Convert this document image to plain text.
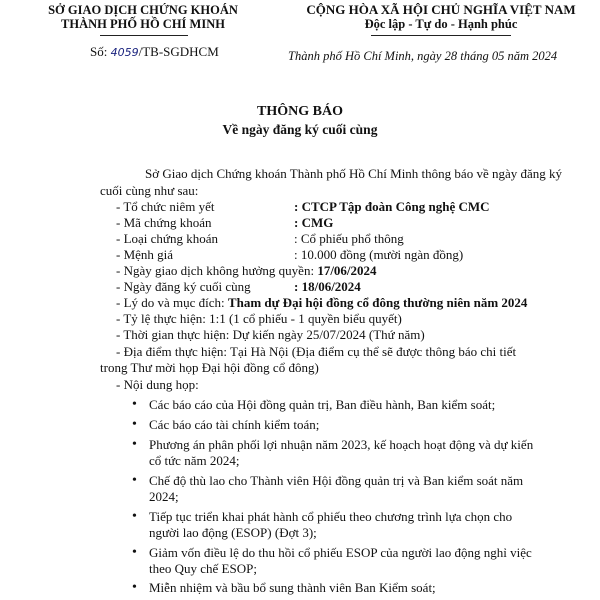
SỞ GIAO DỊCH CHỨNG KHOÁN
THÀNH PHỐ HỒ CHÍ MINH
Số: 4059/TB-SGDHCM
CỘNG HÒA XÃ HỘI CHỦ NGHĨA VIỆT NAM
Độc lập - Tự do - Hạnh phúc
Thành phố Hồ Chí Minh, ngày 28 tháng 05 năm 2024
THÔNG BÁO
Về ngày đăng ký cuối cùng
Sở Giao dịch Chứng khoán Thành phố Hồ Chí Minh thông báo về ngày đăng ký
cuối cùng như sau:
- Tổ chức niêm yết	: CTCP Tập đoàn Công nghệ CMC
- Mã chứng khoán	: CMG
- Loại chứng khoán	: Cổ phiếu phổ thông
- Mệnh giá	: 10.000 đồng (mười ngàn đồng)
- Ngày giao dịch không hưởng quyền: 17/06/2024
- Ngày đăng ký cuối cùng	: 18/06/2024
- Lý do và mục đích: Tham dự Đại hội đồng cổ đông thường niên năm 2024
- Tỷ lệ thực hiện: 1:1 (1 cổ phiếu - 1 quyền biểu quyết)
- Thời gian thực hiện: Dự kiến ngày 25/07/2024 (Thứ năm)
- Địa điểm thực hiện: Tại Hà Nội (Địa điểm cụ thể sẽ được thông báo chi tiết
trong Thư mời họp Đại hội đồng cổ đông)
- Nội dung họp:
• Các báo cáo của Hội đồng quản trị, Ban điều hành, Ban kiểm soát;
• Các báo cáo tài chính kiểm toán;
• Phương án phân phối lợi nhuận năm 2023, kế hoạch hoạt động và dự kiến
cổ tức năm 2024;
• Chế độ thù lao cho Thành viên Hội đồng quản trị và Ban kiểm soát năm
2024;
• Tiếp tục triển khai phát hành cổ phiếu theo chương trình lựa chọn cho
người lao động (ESOP) (Đợt 3);
• Giảm vốn điều lệ do thu hồi cổ phiếu ESOP của người lao động nghỉ việc
theo Quy chế ESOP;
• Miễn nhiệm và bầu bổ sung thành viên Ban Kiểm soát;
